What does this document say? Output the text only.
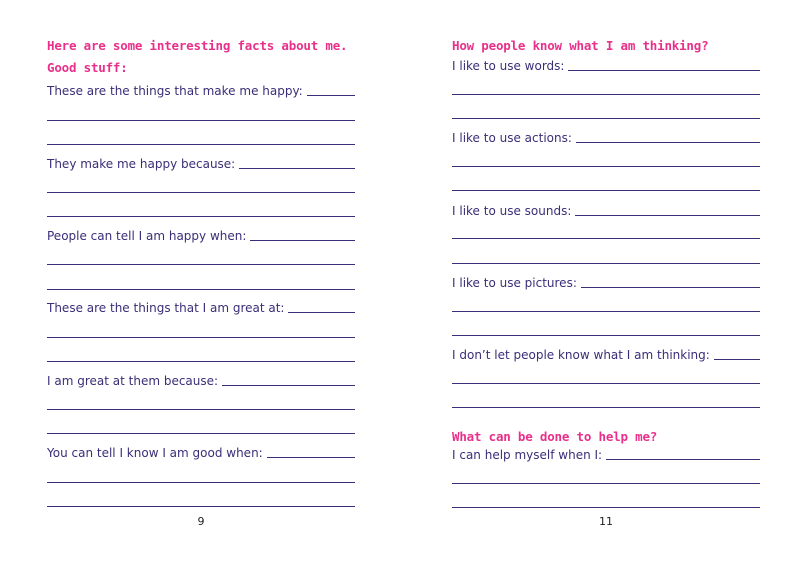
Here are some interesting facts about me.
Good stuff:
These are the things that make me happy:
They make me happy because:
People can tell I am happy when:
These are the things that I am great at:
I am great at them because:
You can tell I know I am good when:
9
How people know what I am thinking?
I like to use words:
I like to use actions:
I like to use sounds:
I like to use pictures:
I don’t let people know what I am thinking:
What can be done to help me?
I can help myself when I:
11
